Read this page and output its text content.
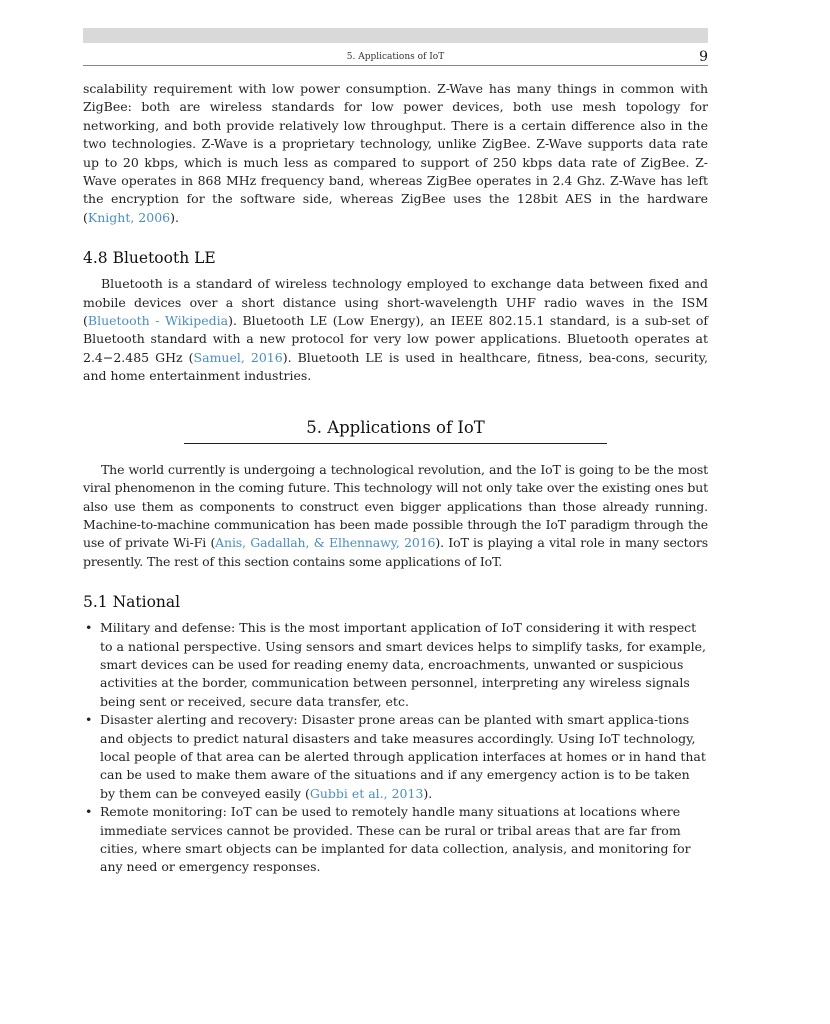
5. Applications of IoT	9

scalability requirement with low power consumption. Z-Wave has many things in common with ZigBee: both are wireless standards for low power devices, both use mesh topology for networking, and both provide relatively low throughput. There is a certain difference also in the two technologies. Z-Wave is a proprietary technology, unlike ZigBee. Z-Wave supports data rate up to 20 kbps, which is much less as compared to support of 250 kbps data rate of ZigBee. Z-Wave operates in 868 MHz frequency band, whereas ZigBee operates in 2.4 Ghz. Z-Wave has left the encryption for the software side, whereas ZigBee uses the 128bit AES in the hardware (Knight, 2006).

4.8 Bluetooth LE

Bluetooth is a standard of wireless technology employed to exchange data between fixed and mobile devices over a short distance using short-wavelength UHF radio waves in the ISM (Bluetooth - Wikipedia). Bluetooth LE (Low Energy), an IEEE 802.15.1 standard, is a sub-set of Bluetooth standard with a new protocol for very low power applications. Bluetooth operates at 2.4−2.485 GHz (Samuel, 2016). Bluetooth LE is used in healthcare, fitness, bea-cons, security, and home entertainment industries.

5. Applications of IoT

The world currently is undergoing a technological revolution, and the IoT is going to be the most viral phenomenon in the coming future. This technology will not only take over the existing ones but also use them as components to construct even bigger applications than those already running. Machine-to-machine communication has been made possible through the IoT paradigm through the use of private Wi-Fi (Anis, Gadallah, & Elhennawy, 2016). IoT is playing a vital role in many sectors presently. The rest of this section contains some applications of IoT.

5.1 National
• Military and defense: This is the most important application of IoT considering it with respect to a national perspective. Using sensors and smart devices helps to simplify tasks, for example, smart devices can be used for reading enemy data, encroachments, unwanted or suspicious activities at the border, communication between personnel, interpreting any wireless signals being sent or received, secure data transfer, etc.
• Disaster alerting and recovery: Disaster prone areas can be planted with smart applica-tions and objects to predict natural disasters and take measures accordingly. Using IoT technology, local people of that area can be alerted through application interfaces at homes or in hand that can be used to make them aware of the situations and if any emergency action is to be taken by them can be conveyed easily (Gubbi et al., 2013).
• Remote monitoring: IoT can be used to remotely handle many situations at locations where immediate services cannot be provided. These can be rural or tribal areas that are far from cities, where smart objects can be implanted for data collection, analysis, and monitoring for any need or emergency responses.
